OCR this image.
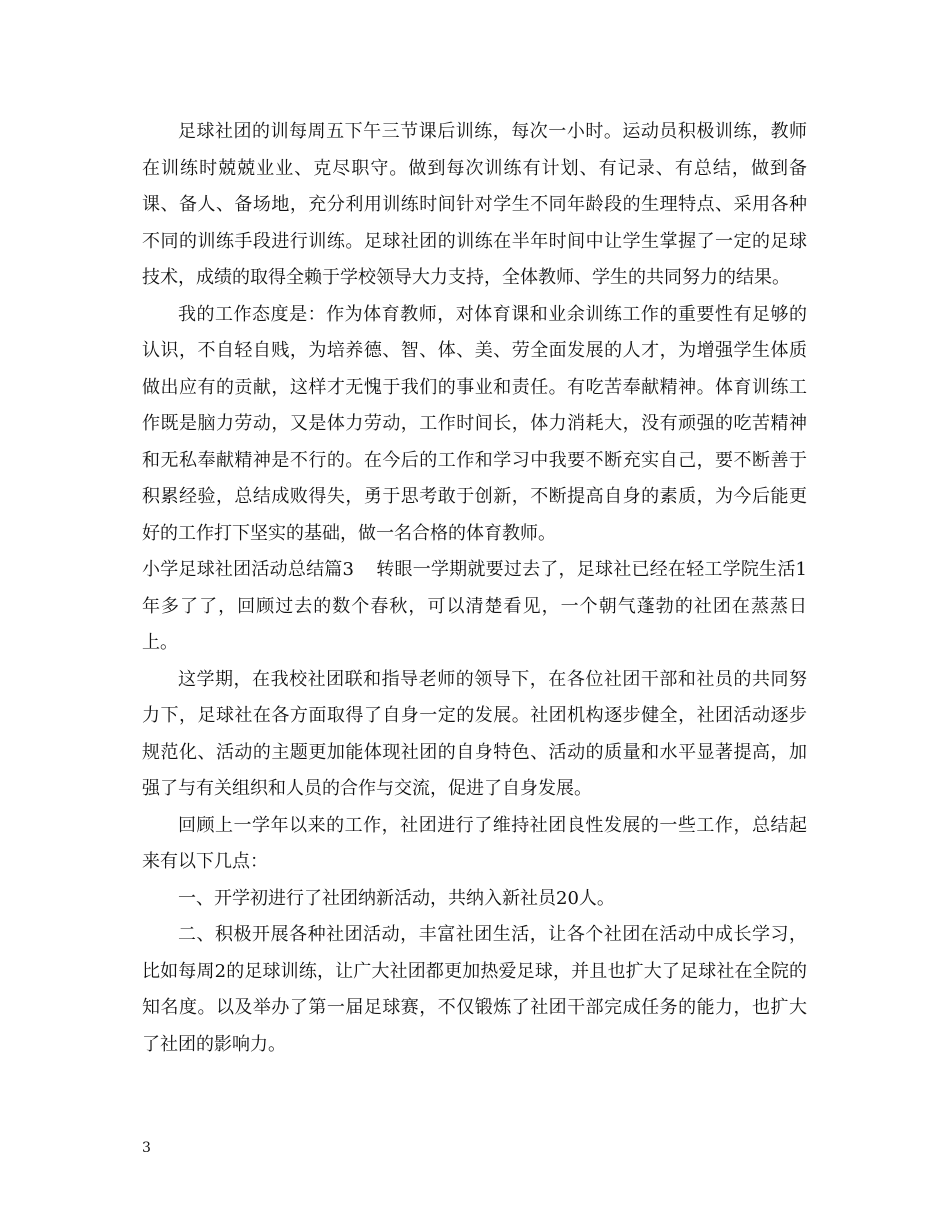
足球社团的训每周五下午三节课后训练，每次一小时。运动员积极训练，教师在训练时兢兢业业、克尽职守。做到每次训练有计划、有记录、有总结，做到备课、备人、备场地，充分利用训练时间针对学生不同年龄段的生理特点、采用各种不同的训练手段进行训练。足球社团的训练在半年时间中让学生掌握了一定的足球技术，成绩的取得全赖于学校领导大力支持，全体教师、学生的共同努力的结果。

我的工作态度是：作为体育教师，对体育课和业余训练工作的重要性有足够的认识，不自轻自贱，为培养德、智、体、美、劳全面发展的人才，为增强学生体质做出应有的贡献，这样才无愧于我们的事业和责任。有吃苦奉献精神。体育训练工作既是脑力劳动，又是体力劳动，工作时间长，体力消耗大，没有顽强的吃苦精神和无私奉献精神是不行的。在今后的工作和学习中我要不断充实自己，要不断善于积累经验，总结成败得失，勇于思考敢于创新，不断提高自身的素质，为今后能更好的工作打下坚实的基础，做一名合格的体育教师。

小学足球社团活动总结篇3 转眼一学期就要过去了，足球社已经在轻工学院生活1年多了了，回顾过去的数个春秋，可以清楚看见，一个朝气蓬勃的社团在蒸蒸日上。

这学期，在我校社团联和指导老师的领导下，在各位社团干部和社员的共同努力下，足球社在各方面取得了自身一定的发展。社团机构逐步健全，社团活动逐步规范化、活动的主题更加能体现社团的自身特色、活动的质量和水平显著提高，加强了与有关组织和人员的合作与交流，促进了自身发展。

回顾上一学年以来的工作，社团进行了维持社团良性发展的一些工作，总结起来有以下几点：

一、开学初进行了社团纳新活动，共纳入新社员20人。

二、积极开展各种社团活动，丰富社团生活，让各个社团在活动中成长学习，比如每周2的足球训练，让广大社团都更加热爱足球，并且也扩大了足球社在全院的知名度。以及举办了第一届足球赛，不仅锻炼了社团干部完成任务的能力，也扩大了社团的影响力。

3
